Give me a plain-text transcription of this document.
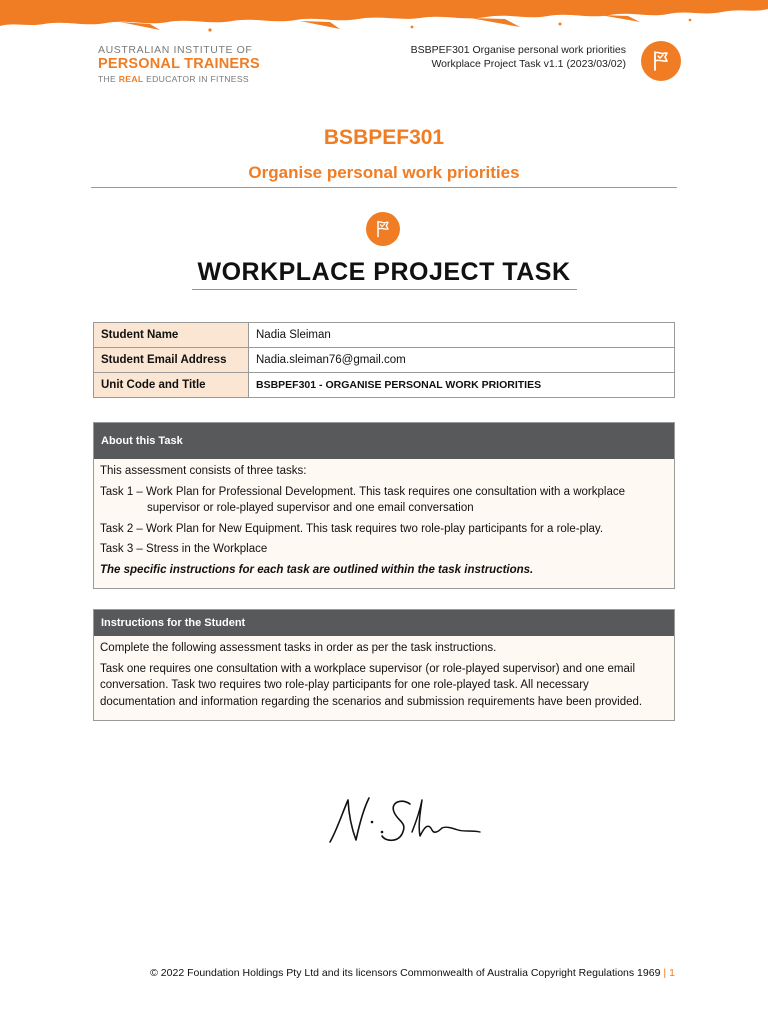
AUSTRALIAN INSTITUTE OF
PERSONAL TRAINERS
THE REAL EDUCATOR IN FITNESS
BSBPEF301 Organise personal work priorities
Workplace Project Task v1.1 (2023/03/02)
BSBPEF301
Organise personal work priorities
WORKPLACE PROJECT TASK
Student Name	Nadia Sleiman
Student Email Address	Nadia.sleiman76@gmail.com
Unit Code and Title	BSBPEF301 - ORGANISE PERSONAL WORK PRIORITIES
About this Task

This assessment consists of three tasks:

Task 1 – Work Plan for Professional Development. This task requires one consultation with a workplace
supervisor or role-played supervisor and one email conversation

Task 2 – Work Plan for New Equipment. This task requires two role-play participants for a role-play.

Task 3 – Stress in the Workplace

The specific instructions for each task are outlined within the task instructions.

Instructions for the Student

Complete the following assessment tasks in order as per the task instructions.

Task one requires one consultation with a workplace supervisor (or role-played supervisor) and one email
conversation. Task two requires two role-play participants for one role-played task. All necessary
documentation and information regarding the scenarios and submission requirements have been provided.

© 2022 Foundation Holdings Pty Ltd and its licensors Commonwealth of Australia Copyright Regulations 1969 | 1
